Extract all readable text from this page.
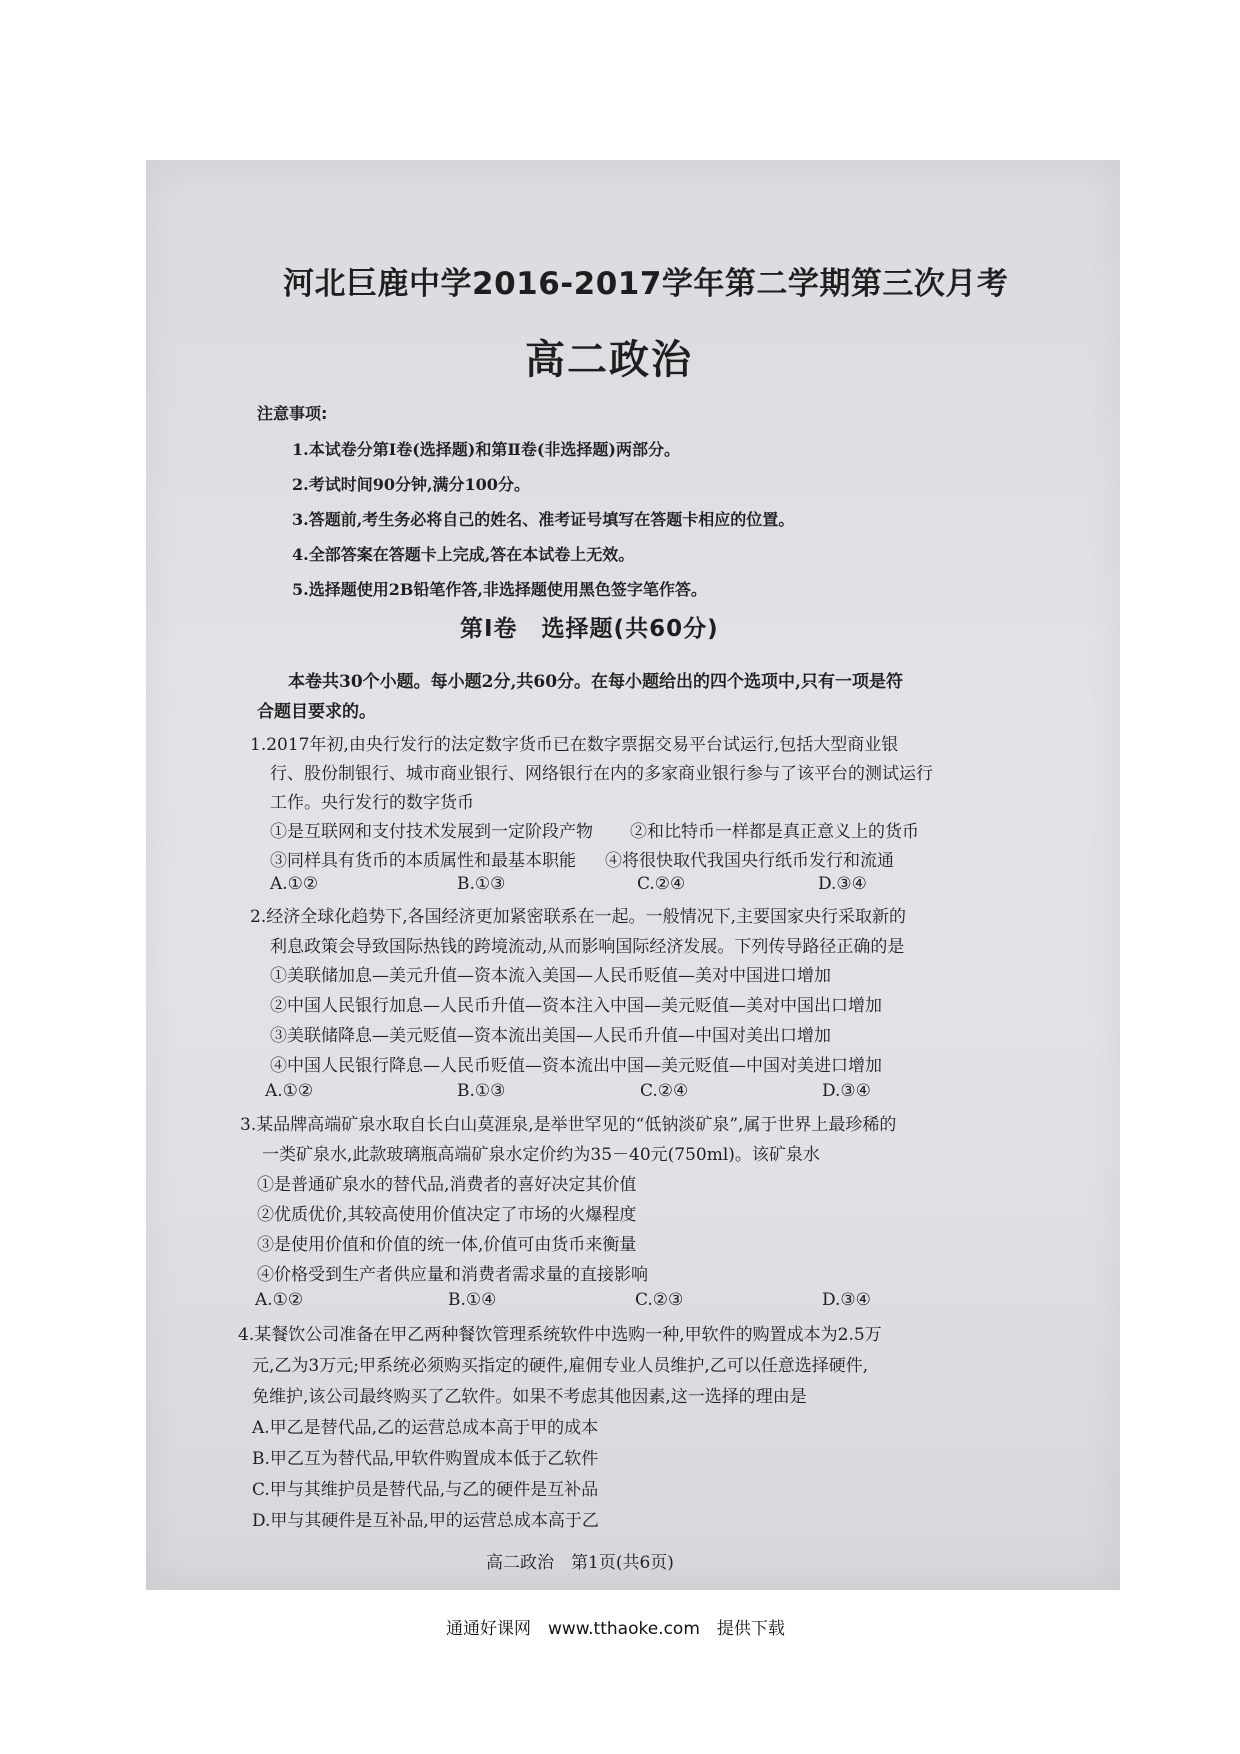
河北巨鹿中学2016-2017学年第二学期第三次月考
高二政治
注意事项:
1.本试卷分第Ⅰ卷(选择题)和第Ⅱ卷(非选择题)两部分。
2.考试时间90分钟,满分100分。
3.答题前,考生务必将自己的姓名、准考证号填写在答题卡相应的位置。
4.全部答案在答题卡上完成,答在本试卷上无效。
5.选择题使用2B铅笔作答,非选择题使用黑色签字笔作答。
第Ⅰ卷　选择题(共60分)
本卷共30个小题。每小题2分,共60分。在每小题给出的四个选项中,只有一项是符
合题目要求的。
1.2017年初,由央行发行的法定数字货币已在数字票据交易平台试运行,包括大型商业银
行、股份制银行、城市商业银行、网络银行在内的多家商业银行参与了该平台的测试运行
工作。央行发行的数字货币
①是互联网和支付技术发展到一定阶段产物 ②和比特币一样都是真正意义上的货币
③同样具有货币的本质属性和最基本职能 ④将很快取代我国央行纸币发行和流通
A.①②	B.①③	C.②④	D.③④
2.经济全球化趋势下,各国经济更加紧密联系在一起。一般情况下,主要国家央行采取新的
利息政策会导致国际热钱的跨境流动,从而影响国际经济发展。下列传导路径正确的是
①美联储加息—美元升值—资本流入美国—人民币贬值—美对中国进口增加
②中国人民银行加息—人民币升值—资本注入中国—美元贬值—美对中国出口增加
③美联储降息—美元贬值—资本流出美国—人民币升值—中国对美出口增加
④中国人民银行降息—人民币贬值—资本流出中国—美元贬值—中国对美进口增加
A.①②	B.①③	C.②④	D.③④
3.某品牌高端矿泉水取自长白山莫涯泉,是举世罕见的“低钠淡矿泉”,属于世界上最珍稀的
一类矿泉水,此款玻璃瓶高端矿泉水定价约为35－40元(750ml)。该矿泉水
①是普通矿泉水的替代品,消费者的喜好决定其价值
②优质优价,其较高使用价值决定了市场的火爆程度
③是使用价值和价值的统一体,价值可由货币来衡量
④价格受到生产者供应量和消费者需求量的直接影响
A.①②	B.①④	C.②③	D.③④
4.某餐饮公司准备在甲乙两种餐饮管理系统软件中选购一种,甲软件的购置成本为2.5万
元,乙为3万元;甲系统必须购买指定的硬件,雇佣专业人员维护,乙可以任意选择硬件,
免维护,该公司最终购买了乙软件。如果不考虑其他因素,这一选择的理由是
A.甲乙是替代品,乙的运营总成本高于甲的成本
B.甲乙互为替代品,甲软件购置成本低于乙软件
C.甲与其维护员是替代品,与乙的硬件是互补品
D.甲与其硬件是互补品,甲的运营总成本高于乙
高二政治　第1页(共6页)
通通好课网　www.tthaoke.com　提供下载
